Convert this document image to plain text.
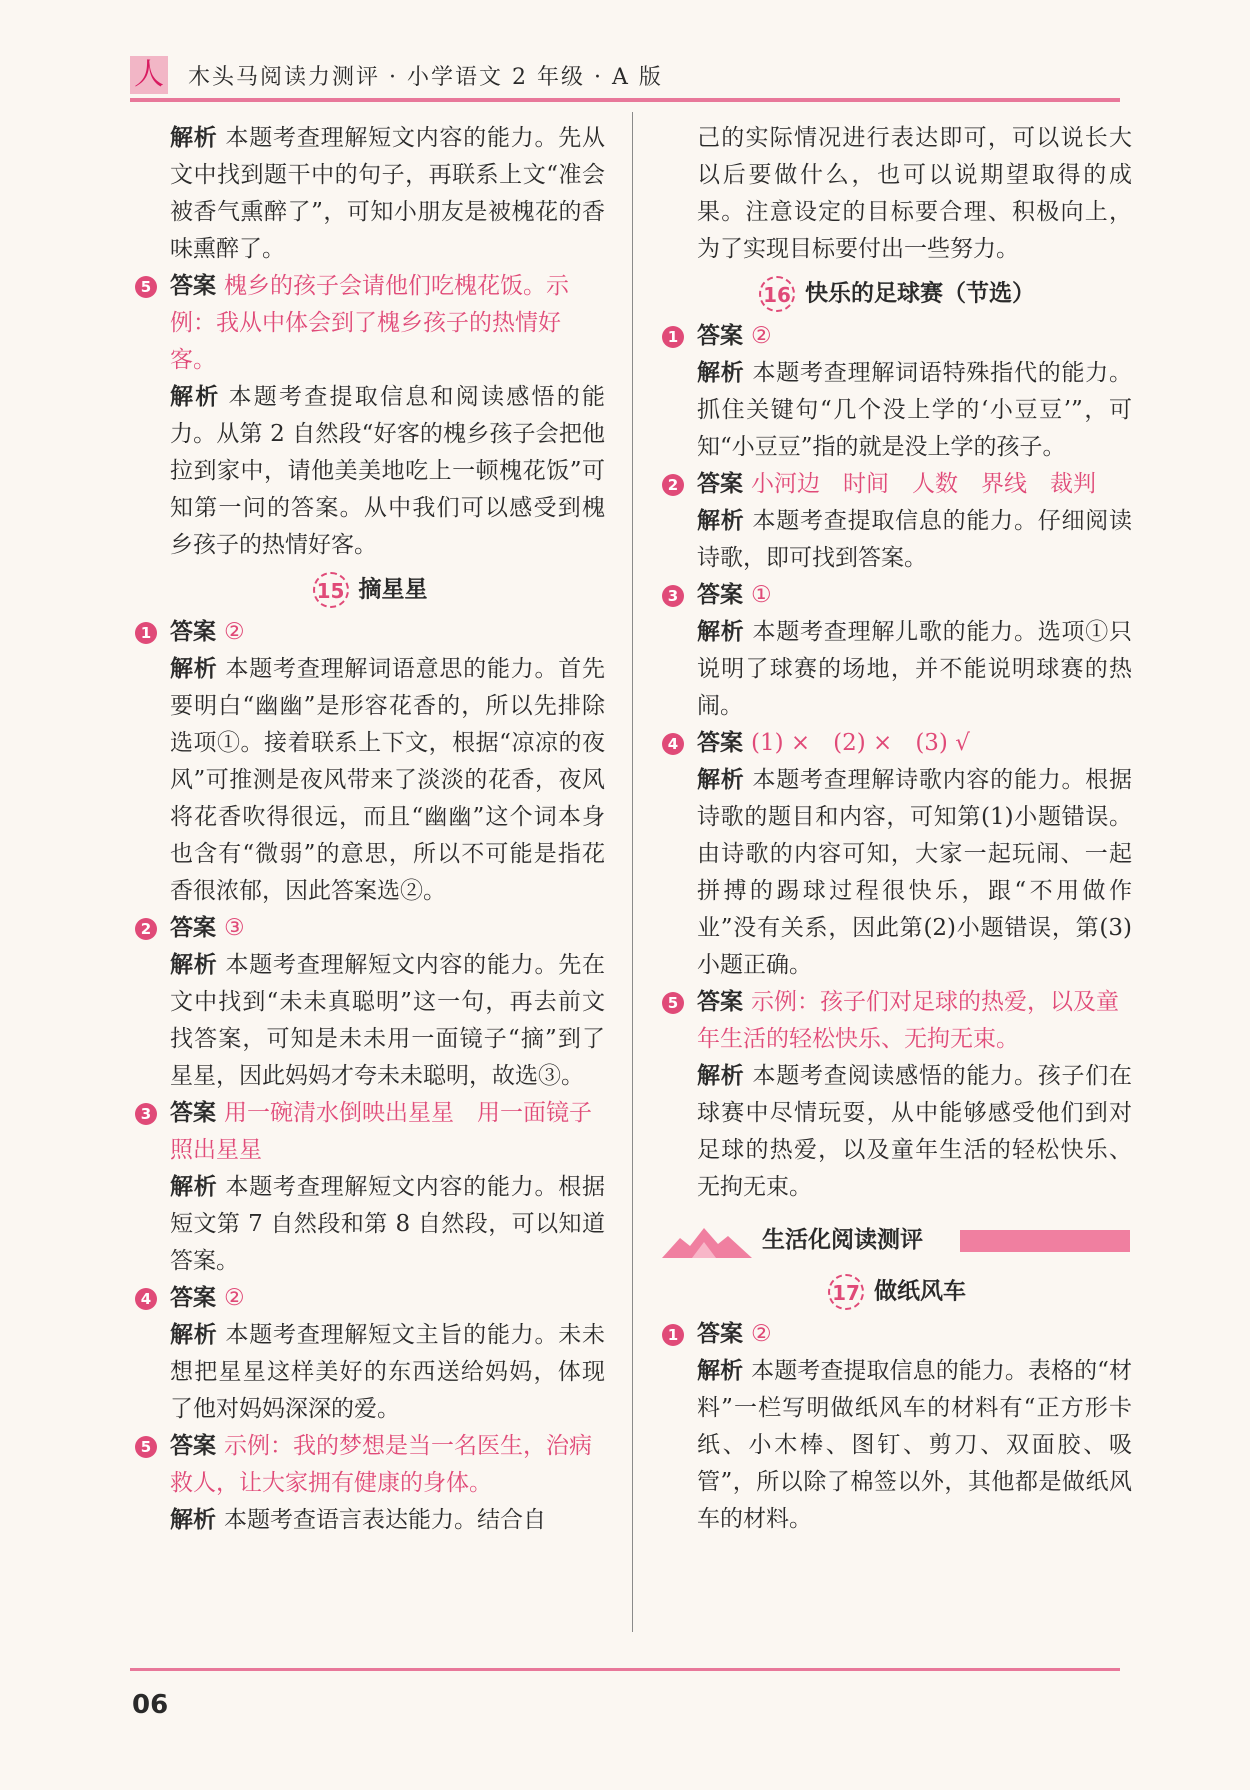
人 木头马阅读力测评 · 小学语文 2 年级 · A 版
解析 本题考查理解短文内容的能力。先从文中找到题干中的句子，再联系上文“准会被香气熏醉了”，可知小朋友是被槐花的香味熏醉了。
5 答案 槐乡的孩子会请他们吃槐花饭。示例：我从中体会到了槐乡孩子的热情好客。
解析 本题考查提取信息和阅读感悟的能力。从第 2 自然段“好客的槐乡孩子会把他拉到家中，请他美美地吃上一顿槐花饭”可知第一问的答案。从中我们可以感受到槐乡孩子的热情好客。
15 摘星星
1 答案 ②
解析 本题考查理解词语意思的能力。首先要明白“幽幽”是形容花香的，所以先排除选项①。接着联系上下文，根据“凉凉的夜风”可推测是夜风带来了淡淡的花香，夜风将花香吹得很远，而且“幽幽”这个词本身也含有“微弱”的意思，所以不可能是指花香很浓郁，因此答案选②。
2 答案 ③
解析 本题考查理解短文内容的能力。先在文中找到“未未真聪明”这一句，再去前文找答案，可知是未未用一面镜子“摘”到了星星，因此妈妈才夸未未聪明，故选③。
3 答案 用一碗清水倒映出星星　用一面镜子照出星星
解析 本题考查理解短文内容的能力。根据短文第 7 自然段和第 8 自然段，可以知道答案。
4 答案 ②
解析 本题考查理解短文主旨的能力。未未想把星星这样美好的东西送给妈妈，体现了他对妈妈深深的爱。
5 答案 示例：我的梦想是当一名医生，治病救人，让大家拥有健康的身体。
解析 本题考查语言表达能力。结合自
己的实际情况进行表达即可，可以说长大以后要做什么，也可以说期望取得的成果。注意设定的目标要合理、积极向上，为了实现目标要付出一些努力。
16 快乐的足球赛（节选）
1 答案 ②
解析 本题考查理解词语特殊指代的能力。抓住关键句“几个没上学的‘小豆豆’”，可知“小豆豆”指的就是没上学的孩子。
2 答案 小河边　时间　人数　界线　裁判
解析 本题考查提取信息的能力。仔细阅读诗歌，即可找到答案。
3 答案 ①
解析 本题考查理解儿歌的能力。选项①只说明了球赛的场地，并不能说明球赛的热闹。
4 答案 (1) ×　(2) ×　(3) √
解析 本题考查理解诗歌内容的能力。根据诗歌的题目和内容，可知第(1)小题错误。由诗歌的内容可知，大家一起玩闹、一起拼搏的踢球过程很快乐，跟“不用做作业”没有关系，因此第(2)小题错误，第(3)小题正确。
5 答案 示例：孩子们对足球的热爱，以及童年生活的轻松快乐、无拘无束。
解析 本题考查阅读感悟的能力。孩子们在球赛中尽情玩耍，从中能够感受他们到对足球的热爱，以及童年生活的轻松快乐、无拘无束。
生活化阅读测评
17 做纸风车
1 答案 ②
解析 本题考查提取信息的能力。表格的“材料”一栏写明做纸风车的材料有“正方形卡纸、小木棒、图钉、剪刀、双面胶、吸管”，所以除了棉签以外，其他都是做纸风车的材料。
06
